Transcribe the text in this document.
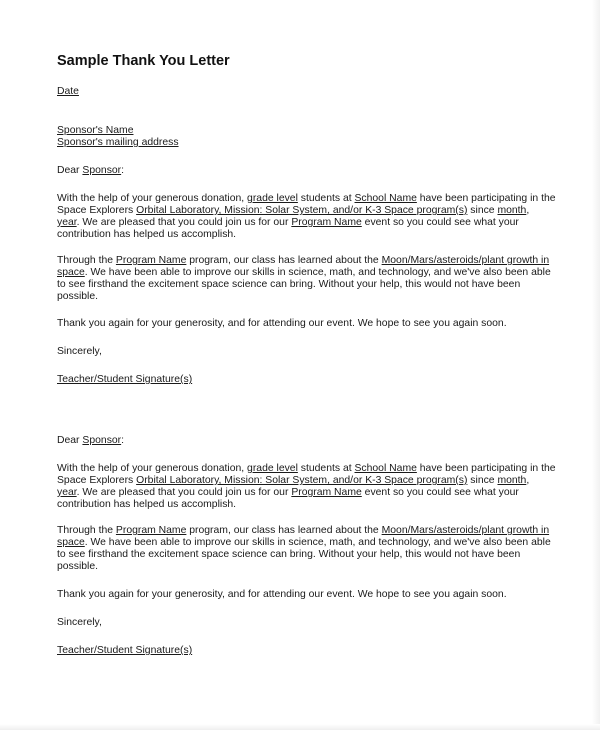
Sample Thank You Letter
Date
Sponsor's Name
Sponsor's mailing address
Dear Sponsor:
With the help of your generous donation, grade level students at School Name have been participating in the
Space Explorers Orbital Laboratory, Mission: Solar System, and/or K-3 Space program(s) since month,
year. We are pleased that you could join us for our Program Name event so you could see what your
contribution has helped us accomplish.
Through the Program Name program, our class has learned about the Moon/Mars/asteroids/plant growth in
space. We have been able to improve our skills in science, math, and technology, and we've also been able
to see firsthand the excitement space science can bring. Without your help, this would not have been
possible.
Thank you again for your generosity, and for attending our event. We hope to see you again soon.
Sincerely,
Teacher/Student Signature(s)
Dear Sponsor:
With the help of your generous donation, grade level students at School Name have been participating in the
Space Explorers Orbital Laboratory, Mission: Solar System, and/or K-3 Space program(s) since month,
year. We are pleased that you could join us for our Program Name event so you could see what your
contribution has helped us accomplish.
Through the Program Name program, our class has learned about the Moon/Mars/asteroids/plant growth in
space. We have been able to improve our skills in science, math, and technology, and we've also been able
to see firsthand the excitement space science can bring. Without your help, this would not have been
possible.
Thank you again for your generosity, and for attending our event. We hope to see you again soon.
Sincerely,
Teacher/Student Signature(s)
